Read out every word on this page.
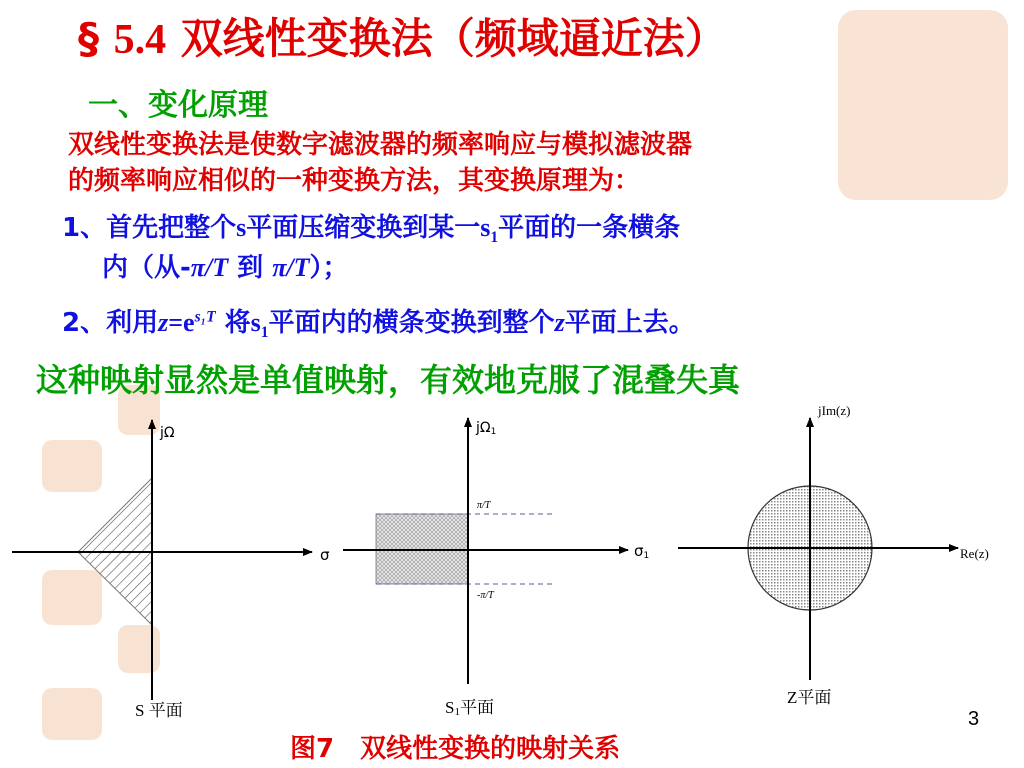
§ 5.4 双线性变换法（频域逼近法）
一、变化原理
双线性变换法是使数字滤波器的频率响应与模拟滤波器
的频率响应相似的一种变换方法，其变换原理为：
1、首先把整个s平面压缩变换到某一$s_1$平面的一条横条
内（从-π/T 到 π/T）；
2、利用$z=e^{s_1T}$ 将$s_1$平面内的横条变换到整个z平面上去。
这种映射显然是单值映射，有效地克服了混叠失真
jΩ
σ
S 平面
jΩ1
σ1
π/T
-π/T
S1平面
jIm(z)
Re(z)
Z平面
图7　双线性变换的映射关系
3
